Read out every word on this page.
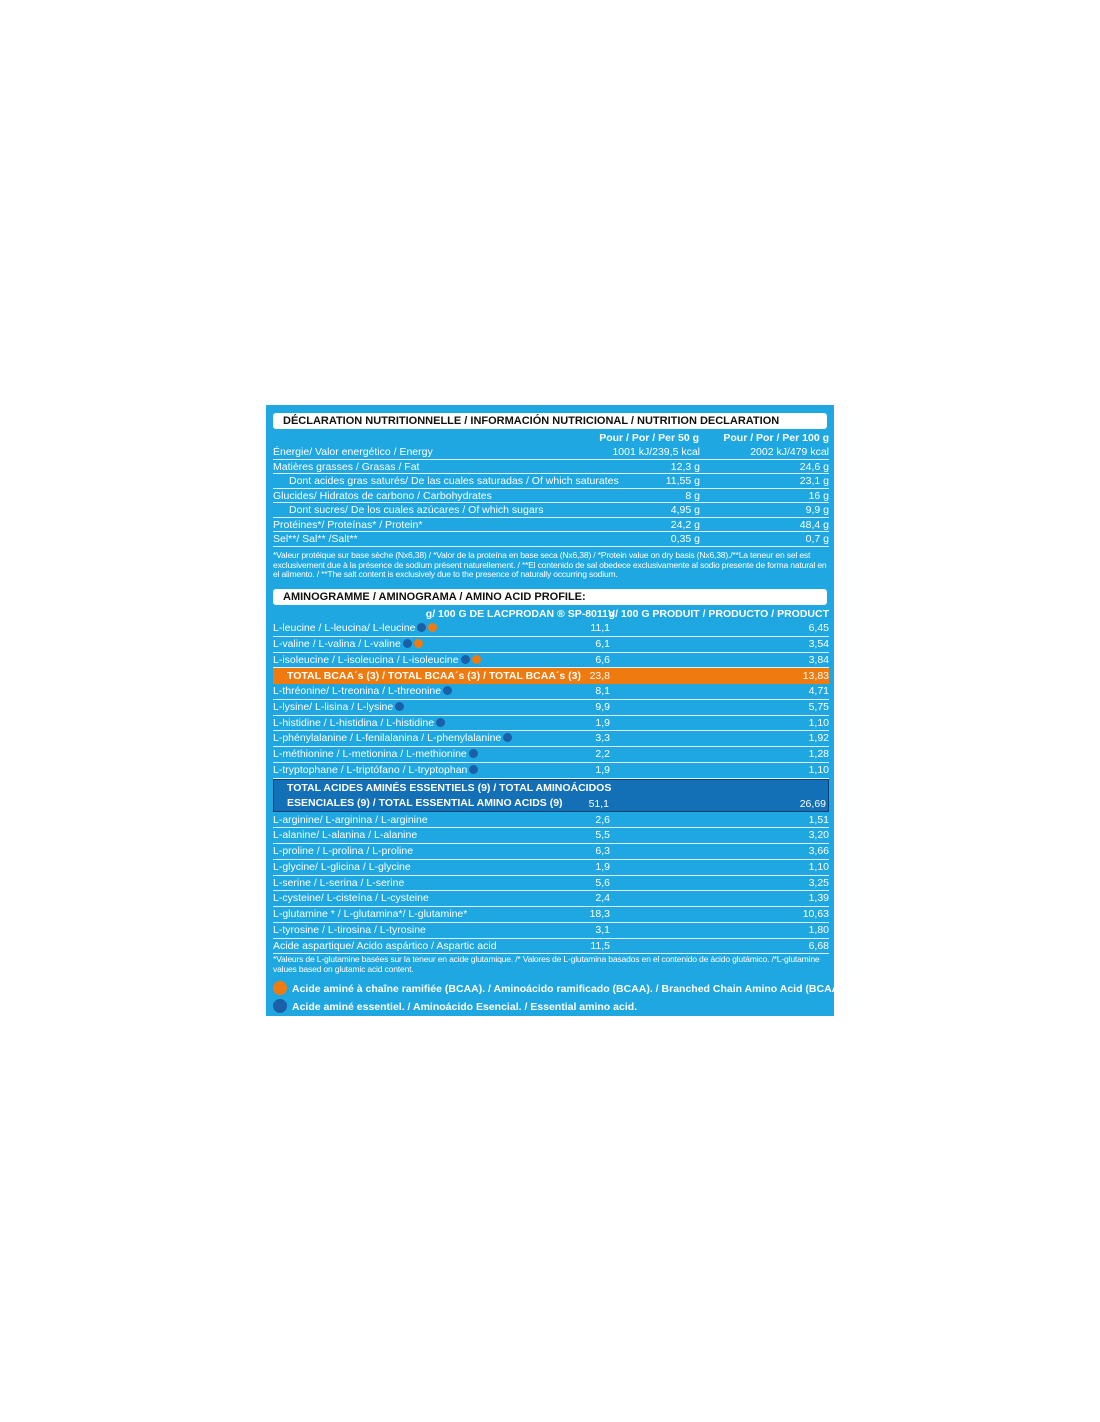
DÉCLARATION NUTRITIONNELLE / INFORMACIÓN NUTRICIONAL / NUTRITION DECLARATION
Pour / Por / Per 50 g Pour / Por / Per 100 g
Énergie/ Valor energético / Energy	1001 kJ/239,5 kcal	2002 kJ/479 kcal
Matières grasses / Grasas / Fat	12,3 g	24,6 g
Dont acides gras saturés/ De las cuales saturadas / Of which saturates	11,55 g	23,1 g
Glucides/ Hidratos de carbono / Carbohydrates	8 g	16 g
Dont sucres/ De los cuales azúcares / Of which sugars	4,95 g	9,9 g
Protéines*/ Proteínas* / Protein*	24,2 g	48,4 g
Sel**/ Sal** /Salt**	0,35 g	0,7 g
*Valeur protéique sur base sèche (Nx6,38) / *Valor de la proteína en base seca (Nx6,38) / *Protein value on dry basis (Nx6,38)./**La teneur en sel est exclusivement due à la présence de sodium présent naturellement. / **El contenido de sal obedece exclusivamente al sodio presente de forma natural en el alimento. / **The salt content is exclusively due to the presence of naturally occurring sodium.
AMINOGRAMME / AMINOGRAMA / AMINO ACID PROFILE:
g/ 100 G DE LACPRODAN ® SP-8011V
g/ 100 G PRODUIT / PRODUCTO / PRODUCT
L-leucine / L-leucina/ L-leucine	11,1	6,45
L-valine / L-valina / L-valine	6,1	3,54
L-isoleucine / L-isoleucina / L-isoleucine	6,6	3,84
TOTAL BCAA´s (3) / TOTAL BCAA´s (3) / TOTAL BCAA´s (3) 23,8	13,83
L-thréonine/ L-treonina / L-threonine	8,1	4,71
L-lysine/ L-lisina / L-lysine	9,9	5,75
L-histidine / L-histidina / L-histidine	1,9	1,10
L-phénylalanine / L-fenilalanina / L-phenylalanine	3,3	1,92
L-méthionine / L-metionina / L-methionine	2,2	1,28
L-tryptophane / L-triptófano / L-tryptophan	1,9	1,10
TOTAL ACIDES AMINÉS ESSENTIELS (9) / TOTAL AMINOÁCIDOS
ESENCIALES (9) / TOTAL ESSENTIAL AMINO ACIDS (9) 51,1	26,69
L-arginine/ L-arginina / L-arginine	2,6	1,51
L-alanine/ L-alanina / L-alanine	5,5	3,20
L-proline / L-prolina / L-proline	6,3	3,66
L-glycine/ L-glicina / L-glycine	1,9	1,10
L-serine / L-serina / L-serine	5,6	3,25
L-cysteine/ L-cisteína / L-cysteine	2,4	1,39
L-glutamine * / L-glutamina*/ L-glutamine*	18,3	10,63
L-tyrosine / L-tirosina / L-tyrosine	3,1	1,80
Acide aspartique/ Acido aspártico / Aspartic acid	11,5	6,68
*Valeurs de L-glutamine basées sur la teneur en acide glutamique. /* Valores de L-glutamina basados en el contenido de ácido glutámico. /*L-glutamine values based on glutamic acid content.
Acide aminé à chaîne ramifiée (BCAA). / Aminoácido ramificado (BCAA). / Branched Chain Amino Acid (BCAA).
Acide aminé essentiel. / Aminoácido Esencial. / Essential amino acid.
